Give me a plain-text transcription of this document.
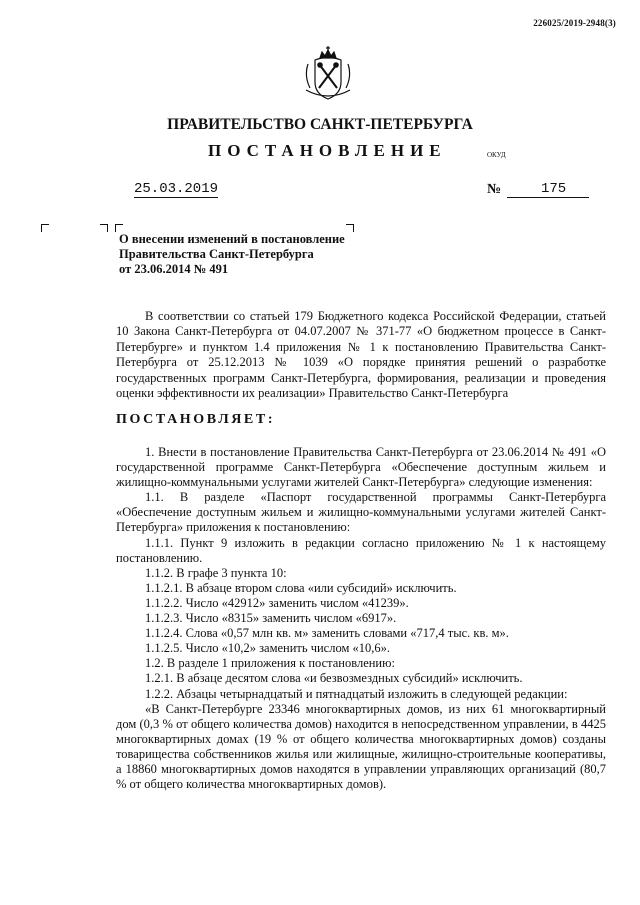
226025/2019-2948(3)
ПРАВИТЕЛЬСТВО САНКТ-ПЕТЕРБУРГА
ПОСТАНОВЛЕНИЕ	ОКУД
25.03.2019	№	175
О внесении изменений в постановление
Правительства Санкт-Петербурга
от 23.06.2014 № 491

В соответствии со статьей 179 Бюджетного кодекса Российской Федерации, статьей 10 Закона Санкт-Петербурга от 04.07.2007 № 371-77 «О бюджетном процессе в Санкт-Петербурге» и пунктом 1.4 приложения № 1 к постановлению Правительства Санкт-Петербурга от 25.12.2013 № 1039 «О порядке принятия решений о разработке государственных программ Санкт-Петербурга, формирования, реализации и проведения оценки эффективности их реализации» Правительство Санкт-Петербурга

ПОСТАНОВЛЯЕТ:

1. Внести в постановление Правительства Санкт-Петербурга от 23.06.2014 № 491 «О государственной программе Санкт-Петербурга «Обеспечение доступным жильем и жилищно-коммунальными услугами жителей Санкт-Петербурга» следующие изменения:

1.1. В разделе «Паспорт государственной программы Санкт-Петербурга «Обеспечение доступным жильем и жилищно-коммунальными услугами жителей Санкт-Петербурга» приложения к постановлению:

1.1.1. Пункт 9 изложить в редакции согласно приложению № 1 к настоящему постановлению.

1.1.2. В графе 3 пункта 10:

1.1.2.1. В абзаце втором слова «или субсидий» исключить.

1.1.2.2. Число «42912» заменить числом «41239».

1.1.2.3. Число «8315» заменить числом «6917».

1.1.2.4. Слова «0,57 млн кв. м» заменить словами «717,4 тыс. кв. м».

1.1.2.5. Число «10,2» заменить числом «10,6».

1.2. В разделе 1 приложения к постановлению:

1.2.1. В абзаце десятом слова «и безвозмездных субсидий» исключить.

1.2.2. Абзацы четырнадцатый и пятнадцатый изложить в следующей редакции:

«В Санкт-Петербурге 23346 многоквартирных домов, из них 61 многоквартирный дом (0,3 % от общего количества домов) находится в непосредственном управлении, в 4425 многоквартирных домах (19 % от общего количества многоквартирных домов) созданы товарищества собственников жилья или жилищные, жилищно-строительные кооперативы, а 18860 многоквартирных домов находятся в управлении управляющих организаций (80,7 % от общего количества многоквартирных домов).
